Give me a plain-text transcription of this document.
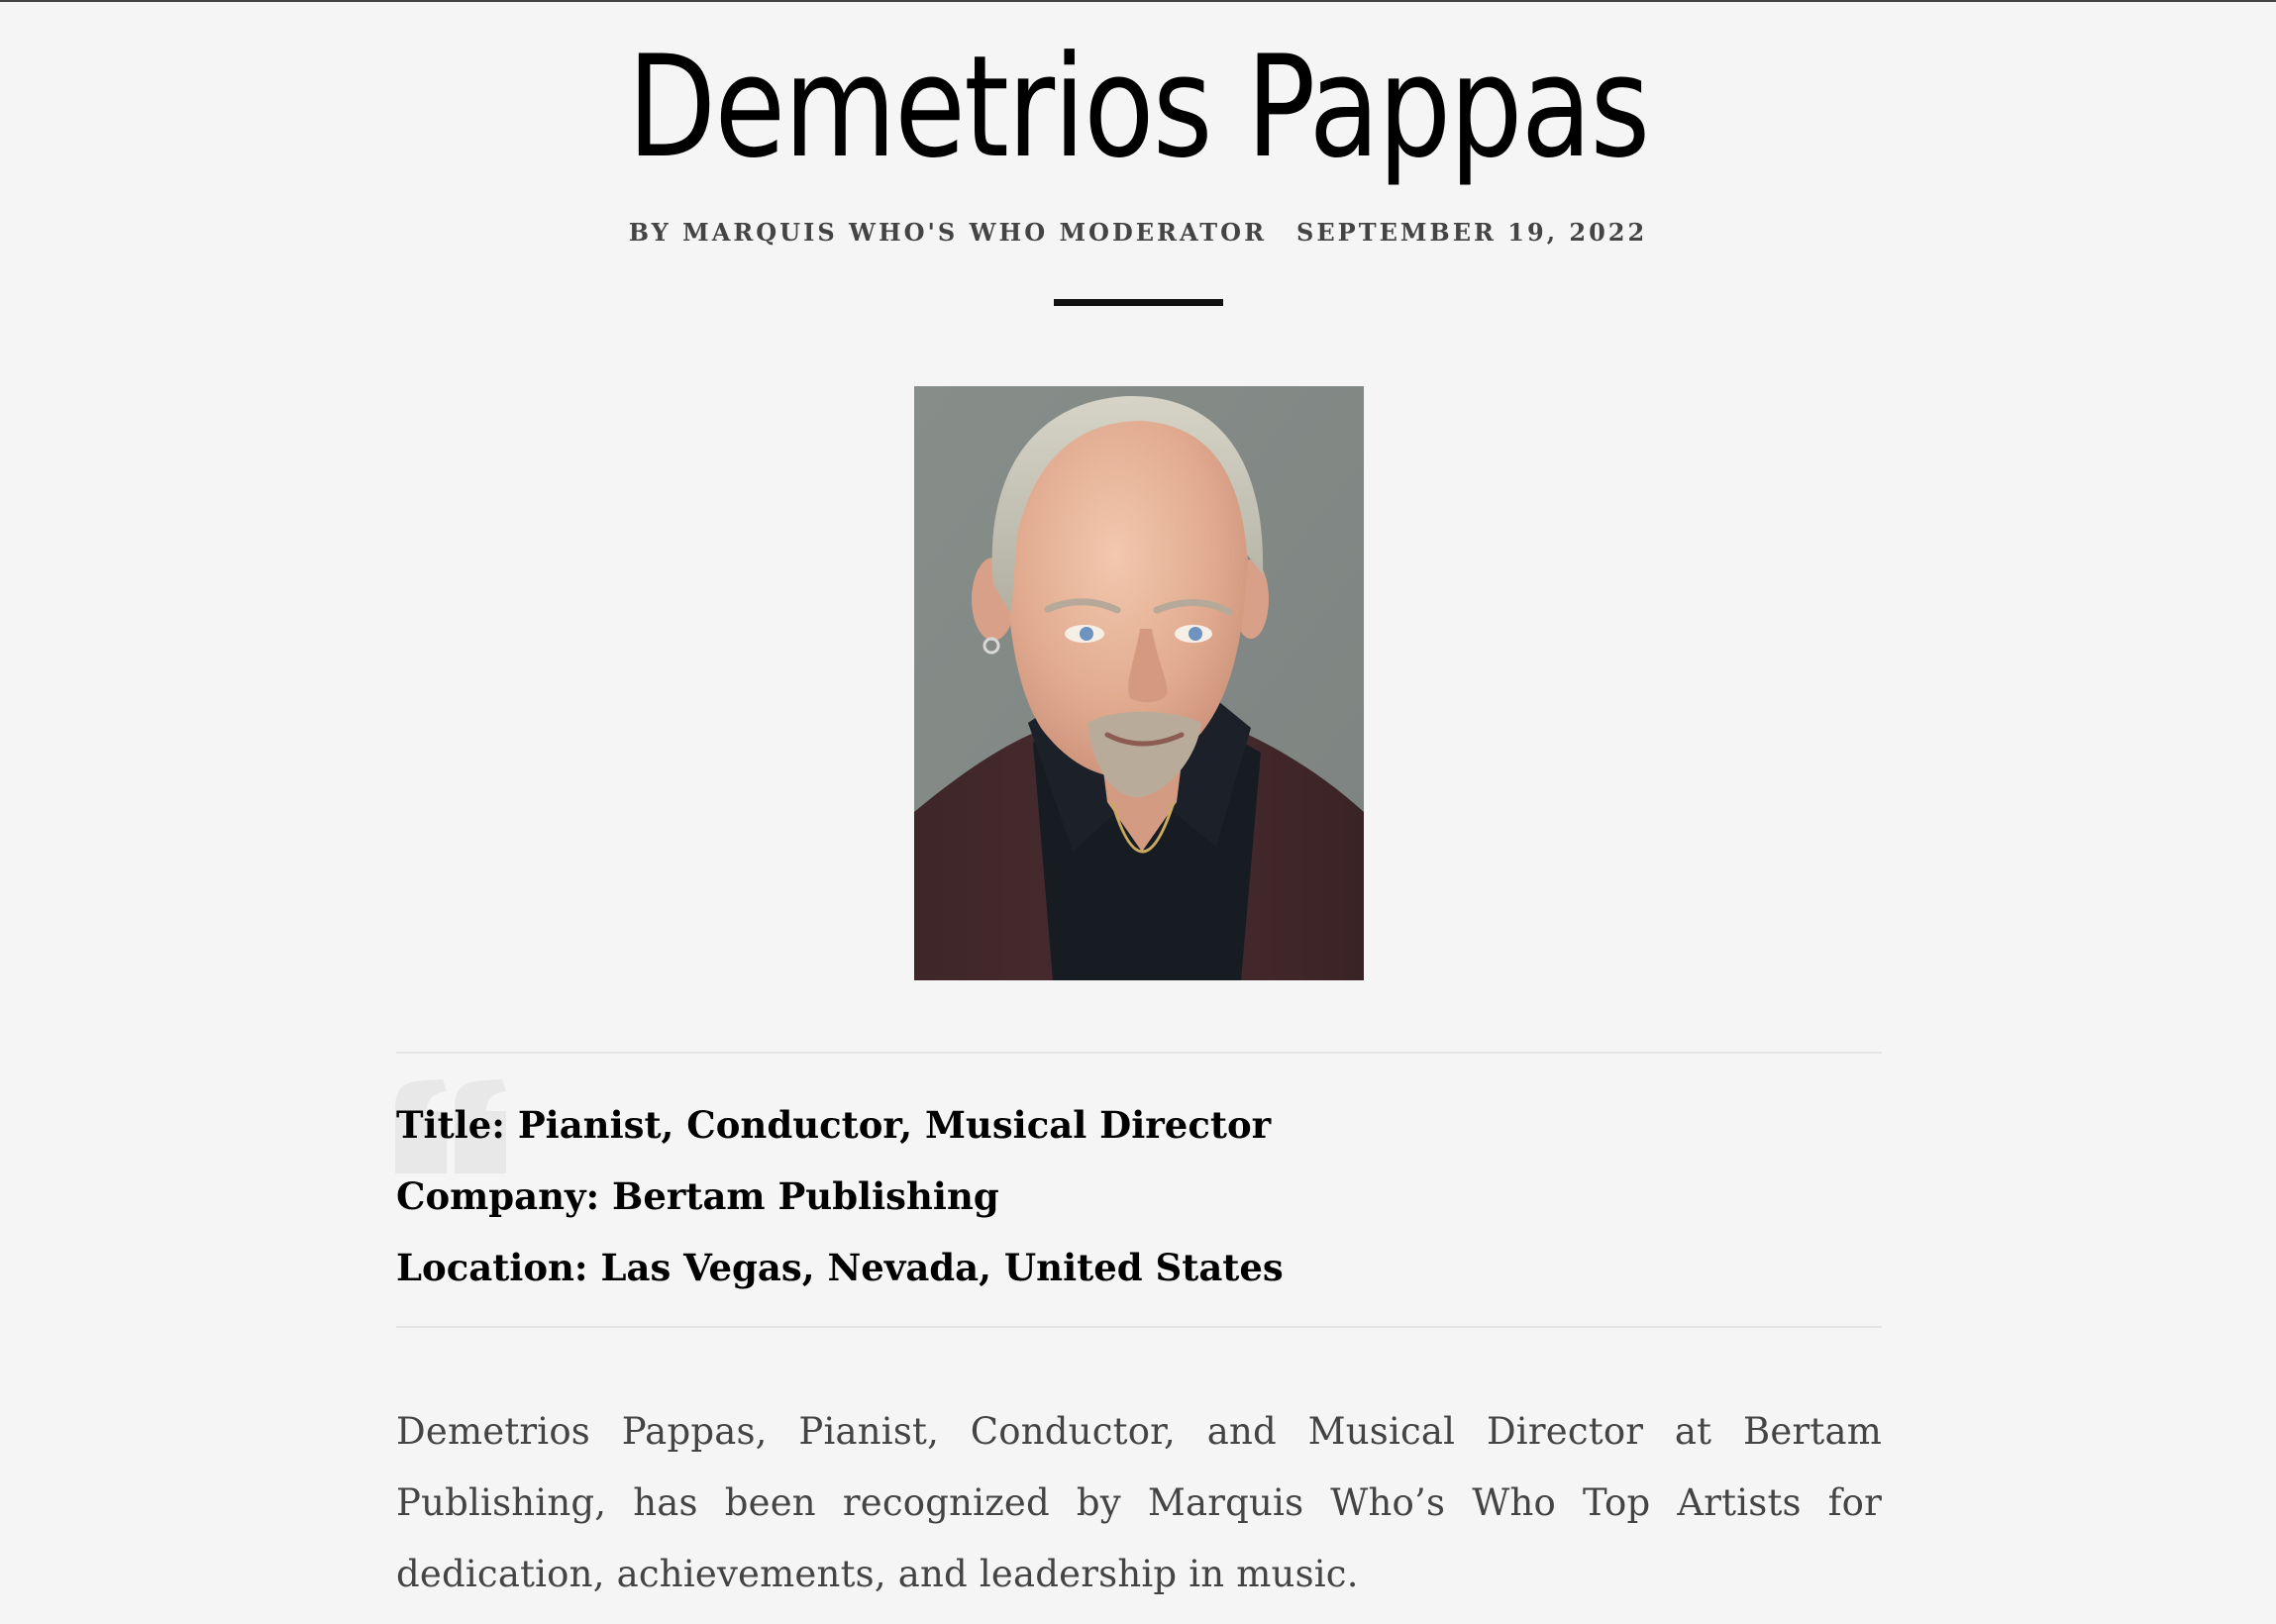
Demetrios Pappas
BY MARQUIS WHO'S WHO MODERATOR SEPTEMBER 19, 2022
Title: Pianist, Conductor, Musical Director
Company: Bertam Publishing
Location: Las Vegas, Nevada, United States

Demetrios Pappas, Pianist, Conductor, and Musical Director at Bertam Publishing, has been recognized by Marquis Who’s Who Top Artists for dedication, achievements, and leadership in music.
